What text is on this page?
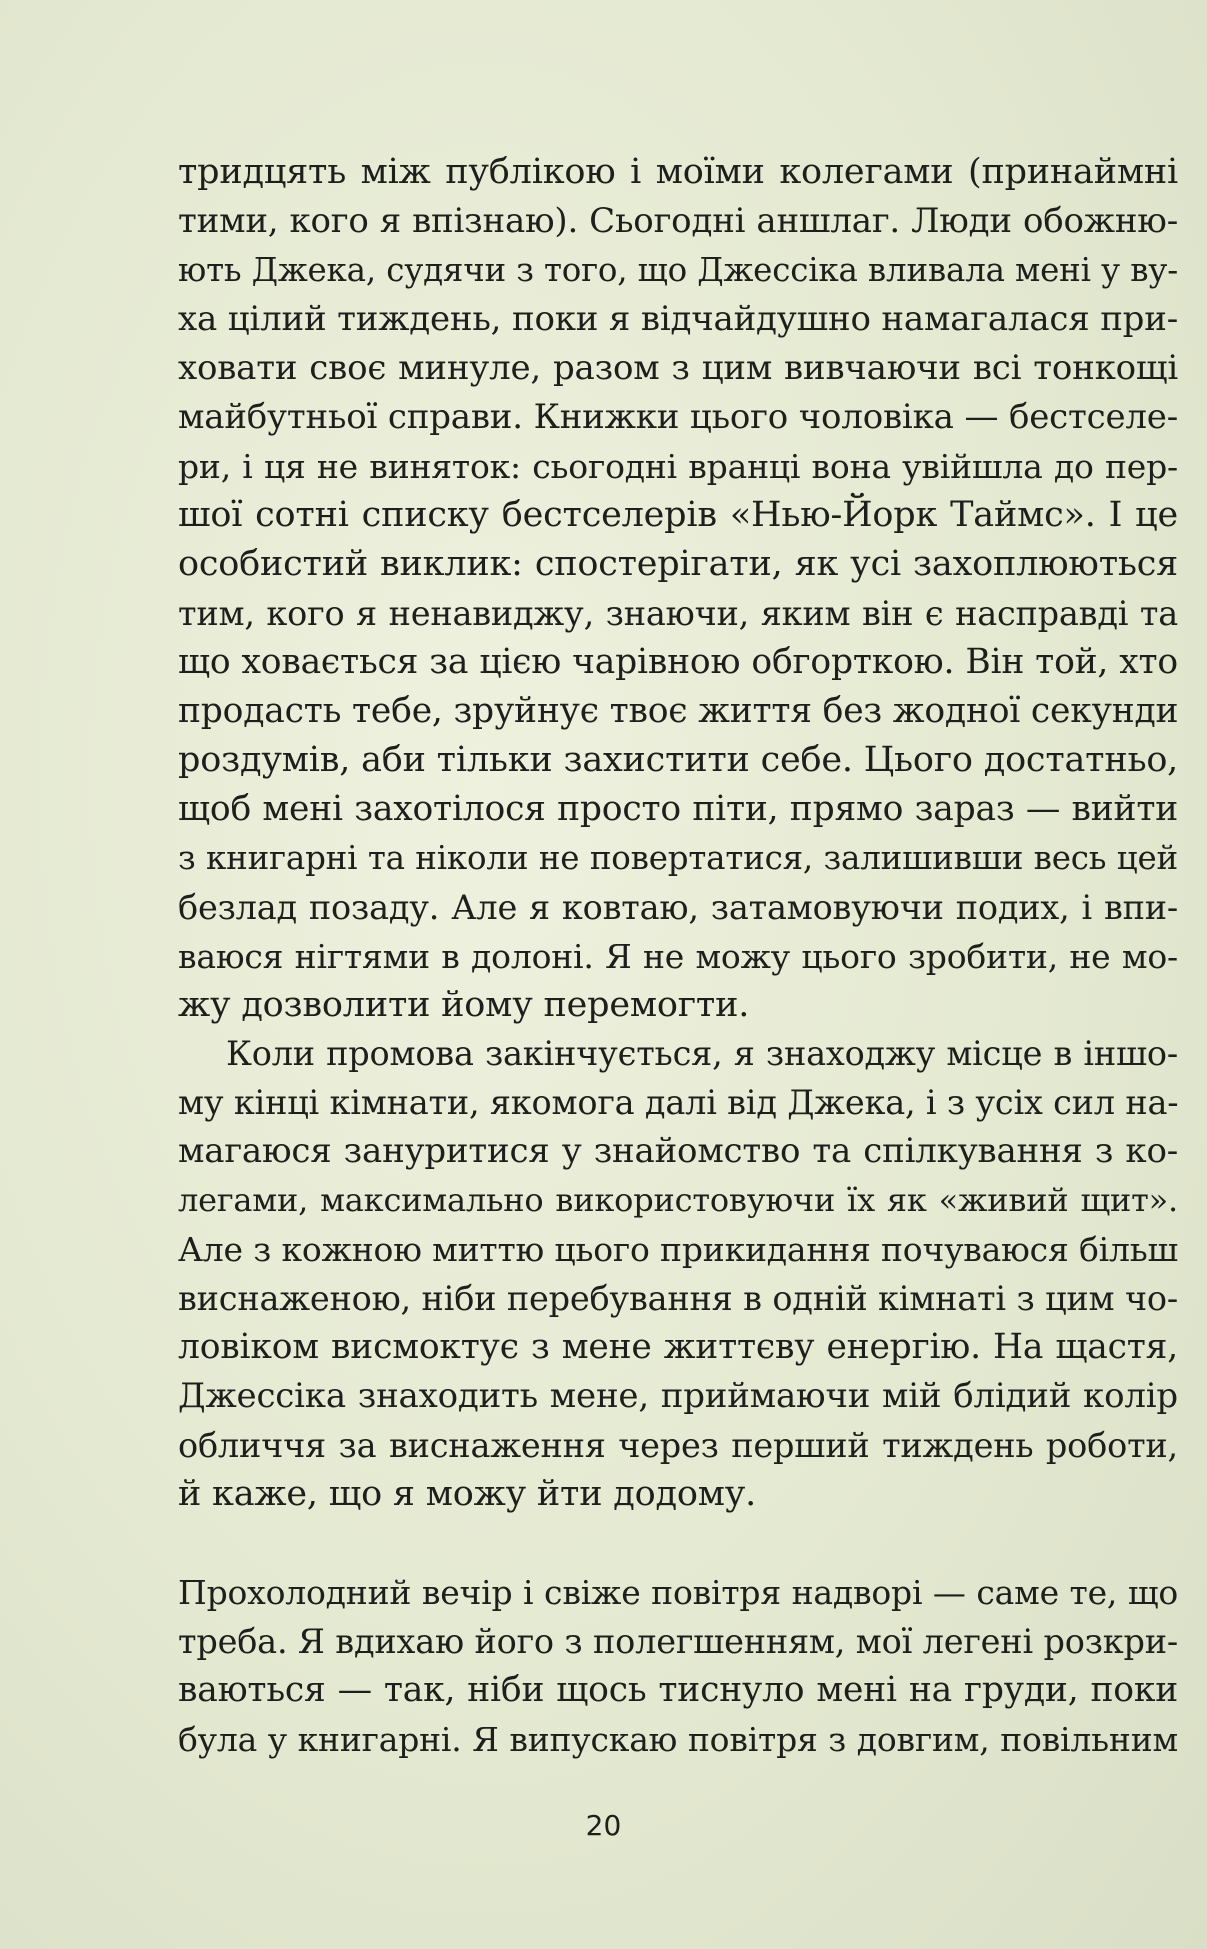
тридцять між публікою і моїми колегами (принаймні
тими, кого я впізнаю). Сьогодні аншлаг. Люди обожню-
ють Джека, судячи з того, що Джессіка вливала мені у ву-
ха цілий тиждень, поки я відчайдушно намагалася при-
ховати своє минуле, разом з цим вивчаючи всі тонкощі
майбутньої справи. Книжки цього чоловіка — бестселе-
ри, і ця не виняток: сьогодні вранці вона увійшла до пер-
шої сотні списку бестселерів «Нью-Йорк Таймс». І це
особистий виклик: спостерігати, як усі захоплюються
тим, кого я ненавиджу, знаючи, яким він є насправді та
що ховається за цією чарівною обгорткою. Він той, хто
продасть тебе, зруйнує твоє життя без жодної секунди
роздумів, аби тільки захистити себе. Цього достатньо,
щоб мені захотілося просто піти, прямо зараз — вийти
з книгарні та ніколи не повертатися, залишивши весь цей
безлад позаду. Але я ковтаю, затамовуючи подих, і впи-
ваюся нігтями в долоні. Я не можу цього зробити, не мо-
жу дозволити йому перемогти.
Коли промова закінчується, я знаходжу місце в іншо-
му кінці кімнати, якомога далі від Джека, і з усіх сил на-
магаюся зануритися у знайомство та спілкування з ко-
легами, максимально використовуючи їх як «живий щит».
Але з кожною миттю цього прикидання почуваюся більш
виснаженою, ніби перебування в одній кімнаті з цим чо-
ловіком висмоктує з мене життєву енергію. На щастя,
Джессіка знаходить мене, приймаючи мій блідий колір
обличчя за виснаження через перший тиждень роботи,
й каже, що я можу йти додому.
Прохолодний вечір і свіже повітря надворі — саме те, що
треба. Я вдихаю його з полегшенням, мої легені розкри-
ваються — так, ніби щось тиснуло мені на груди, поки
була у книгарні. Я випускаю повітря з довгим, повільним
20
